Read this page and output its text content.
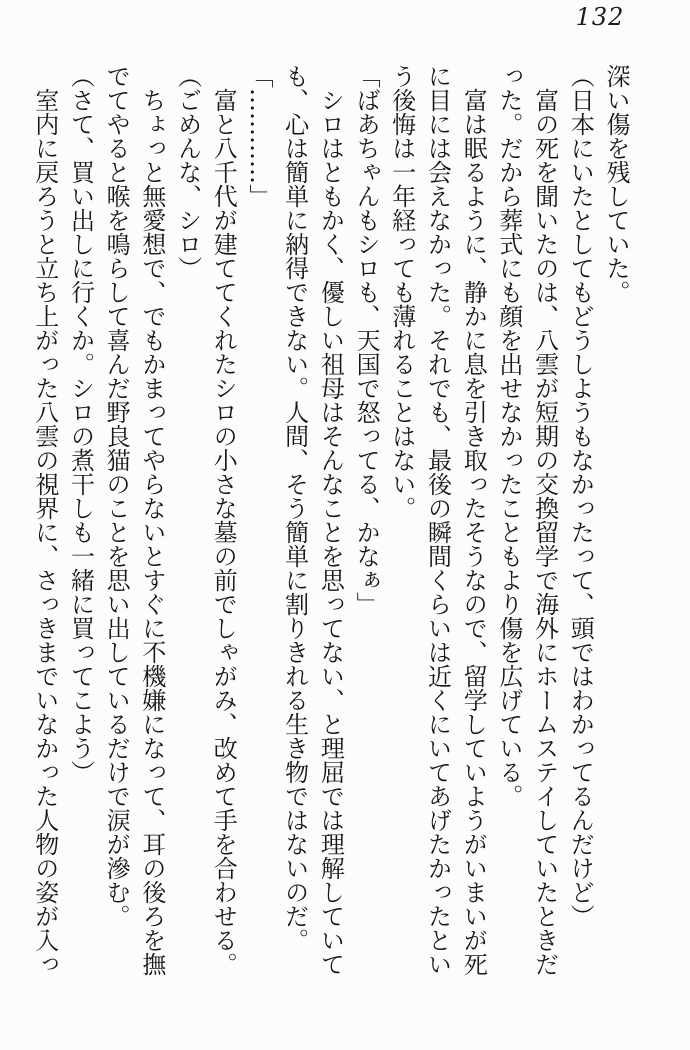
132

深い傷を残していた。

（日本にいたとしてもどうしようもなかったって、頭ではわかってるんだけど）

富の死を聞いたのは、八雲が短期の交換留学で海外にホームステイしていたときだった。だから葬式にも顔を出せなかったこともより傷を広げている。

富は眠るように、静かに息を引き取ったそうなので、留学していようがいまいが死に目には会えなかった。それでも、最後の瞬間くらいは近くにいてあげたかったという後悔は一年経っても薄れることはない。

「ばあちゃんもシロも、天国で怒ってる、かなぁ」

シロはともかく、優しい祖母はそんなことを思ってない、と理屈では理解していても、心は簡単に納得できない。人間、そう簡単に割りきれる生き物ではないのだ。

「…………」

富と八千代が建ててくれたシロの小さな墓の前でしゃがみ、改めて手を合わせる。

（ごめんな、シロ）

ちょっと無愛想で、でもかまってやらないとすぐに不機嫌になって、耳の後ろを撫でてやると喉を鳴らして喜んだ野良猫のことを思い出しているだけで涙が滲む。

（さて、買い出しに行くか。シロの煮干しも一緒に買ってこよう）

室内に戻ろうと立ち上がった八雲の視界に、さっきまでいなかった人物の姿が入っ
